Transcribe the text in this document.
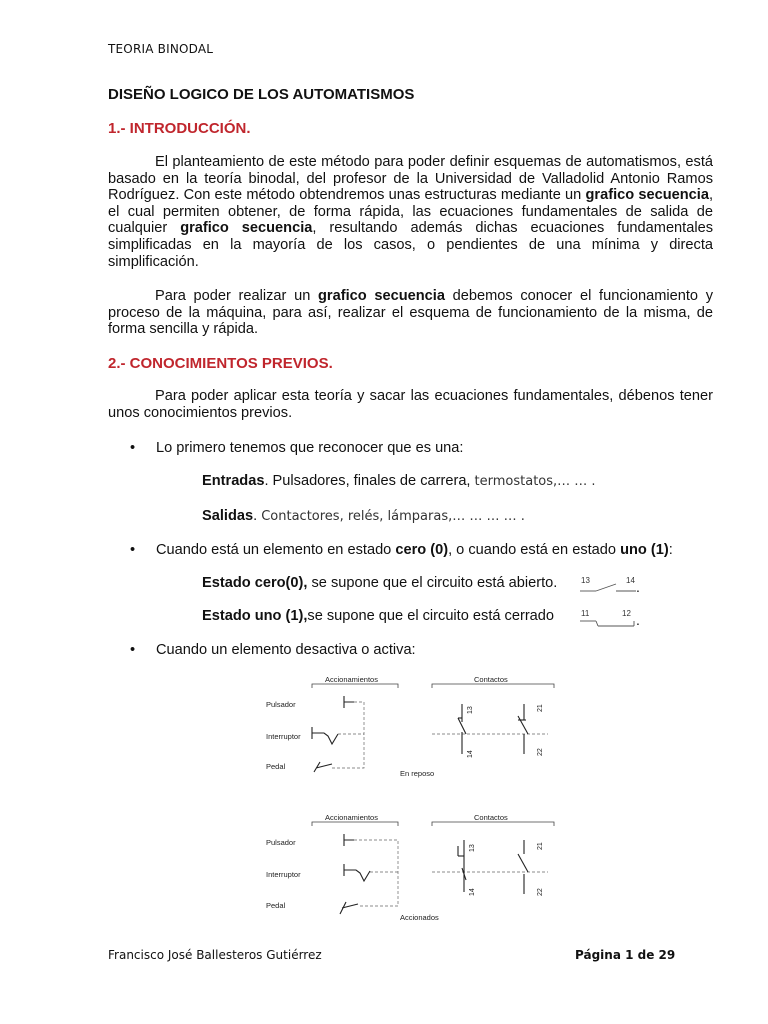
TEORIA BINODAL
DISEÑO LOGICO DE LOS AUTOMATISMOS
1.- INTRODUCCIÓN.
El planteamiento de este método para poder definir esquemas de automatismos, está basado en la teoría binodal, del profesor de la Universidad de Valladolid Antonio Ramos Rodríguez. Con este método obtendremos unas estructuras mediante un grafico secuencia, el cual permiten obtener, de forma rápida, las ecuaciones fundamentales de salida de cualquier grafico secuencia, resultando además dichas ecuaciones fundamentales simplificadas en la mayoría de los casos, o pendientes de una mínima y directa simplificación.
Para poder realizar un grafico secuencia debemos conocer el funcionamiento y proceso de la máquina, para así, realizar el esquema de funcionamiento de la misma, de forma sencilla y rápida.
2.- CONOCIMIENTOS PREVIOS.
Para poder aplicar esta teoría y sacar las ecuaciones fundamentales, débenos tener unos conocimientos previos.
• Lo primero tenemos que reconocer que es una:
Entradas. Pulsadores, finales de carrera, termostatos,… … .
Salidas. Contactores, relés, lámparas,… … … … .
• Cuando está un elemento en estado cero (0), o cuando está en estado uno (1):
Estado cero(0), se supone que el circuito está abierto.	13	14 .
Estado uno (1),se supone que el circuito está cerrado	11	12 .
• Cuando un elemento desactiva o activa:
Accionamientos	Contactos
Pulsador
Interruptor
Pedal
13
14
21
22
En reposo
Accionamientos	Contactos
Pulsador
Interruptor
Pedal
13
14
21
22
Accionados
Francisco José Ballesteros Gutiérrez	Página 1 de 29
